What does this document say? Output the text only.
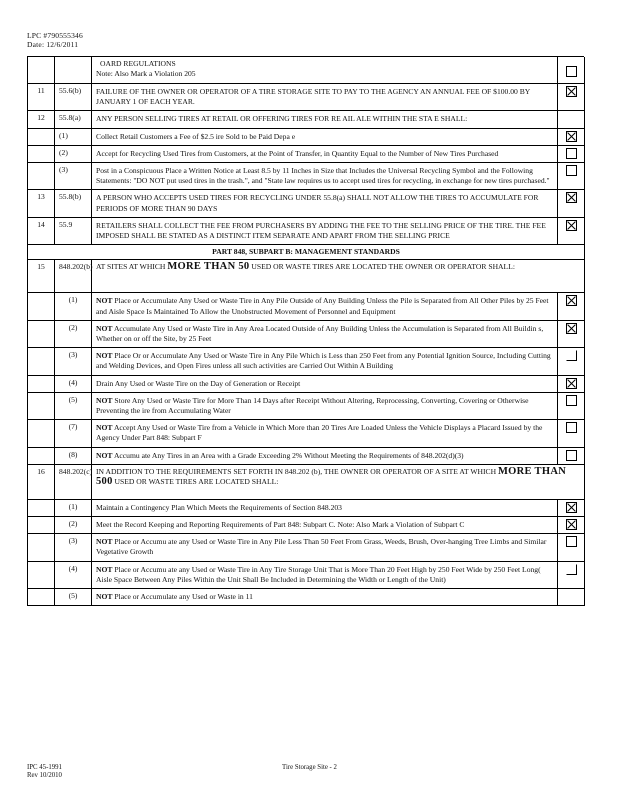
LPC #790555346
Date: 12/6/2011

		OARD REGULATIONS
Note: Also Mark a Violation 205	

11	55.6(b)	FAILURE OF THE OWNER OR OPERATOR OF A TIRE STORAGE SITE TO PAY TO THE AGENCY AN ANNUAL FEE OF $100.00 BY JANUARY 1 OF EACH YEAR.	
12	55.8(a)	ANY PERSON SELLING TIRES AT RETAIL OR OFFERING TIRES FOR RE AIL ALE WITHIN THE STA E SHALL:	
	(1)	Collect Retail Customers a Fee of $2.5 ire Sold to be Paid Depa e	
	(2)	Accept for Recycling Used Tires from Customers, at the Point of Transfer, in Quantity Equal to the Number of New Tires Purchased	
	(3)	Post in a Conspicuous Place a Written Notice at Least 8.5 by 11 Inches in Size that Includes the Universal Recycling Symbol and the Following Statements: "DO NOT put used tires in the trash.", and "State law requires us to accept used tires for recycling, in exchange for new tires purchased."	
13	55.8(b)	A PERSON WHO ACCEPTS USED TIRES FOR RECYCLING UNDER 55.8(a) SHALL NOT ALLOW THE TIRES TO ACCUMULATE FOR PERIODS OF MORE THAN 90 DAYS	
14	55.9	RETAILERS SHALL COLLECT THE FEE FROM PURCHASERS BY ADDING THE FEE TO THE SELLING PRICE OF THE TIRE. THE FEE IMPOSED SHALL BE STATED AS A DISTINCT ITEM SEPARATE AND APART FROM THE SELLING PRICE	
PART 848, SUBPART B: MANAGEMENT STANDARDS			
15	848.202(b)	AT SITES AT WHICH MORE THAN 50 USED OR WASTE TIRES ARE LOCATED THE OWNER OR OPERATOR SHALL:	
	(1)	NOT Place or Accumulate Any Used or Waste Tire in Any Pile Outside of Any Building Unless the Pile is Separated from All Other Piles by 25 Feet and Aisle Space Is Maintained To Allow the Unobstructed Movement of Personnel and Equipment	
	(2)	NOT Accumulate Any Used or Waste Tire in Any Area Located Outside of Any Building Unless the Accumulation is Separated from All Buildin s, Whether on or off the Site, by 25 Feet	
	(3)	NOT Place Or or Accumulate Any Used or Waste Tire in Any Pile Which is Less than 250 Feet from any Potential Ignition Source, Including Cutting and Welding Devices, and Open Fires unless all such activities are Carried Out Within A Building	
	(4)	Drain Any Used or Waste Tire on the Day of Generation or Receipt	
	(5)	NOT Store Any Used or Waste Tire for More Than 14 Days after Receipt Without Altering, Reprocessing, Converting, Covering or Otherwise Preventing the ire from Accumulating Water	
	(7)	NOT Accept Any Used or Waste Tire from a Vehicle in Which More than 20 Tires Are Loaded Unless the Vehicle Displays a Placard Issued by the Agency Under Part 848: Subpart F	
	(8)	NOT Accumu ate Any Tires in an Area with a Grade Exceeding 2% Without Meeting the Requirements of 848.202(d)(3)	
16	848.202(c)	IN ADDITION TO THE REQUIREMENTS SET FORTH IN 848.202 (b), THE OWNER OR OPERATOR OF A SITE AT WHICH MORE THAN 500 USED OR WASTE TIRES ARE LOCATED SHALL:	
	(1)	Maintain a Contingency Plan Which Meets the Requirements of Section 848.203	
	(2)	Meet the Record Keeping and Reporting Requirements of Part 848: Subpart C. Note: Also Mark a Violation of Subpart C	
	(3)	NOT Place or Accumu ate any Used or Waste Tire in Any Pile Less Than 50 Feet From Grass, Weeds, Brush, Over-hanging Tree Limbs and Similar Vegetative Growth	
	(4)	NOT Place or Accumu ate any Used or Waste Tire in Any Tire Storage Unit That is More Than 20 Feet High by 250 Feet Wide by 250 Feet Long( Aisle Space Between Any Piles Within the Unit Shall Be Included in Determining the Width or Length of the Unit)	
	(5)	NOT Place or Accumulate any Used or Waste in 11	
IPC 45-1991
Rev 10/2010
Tire Storage Site - 2
